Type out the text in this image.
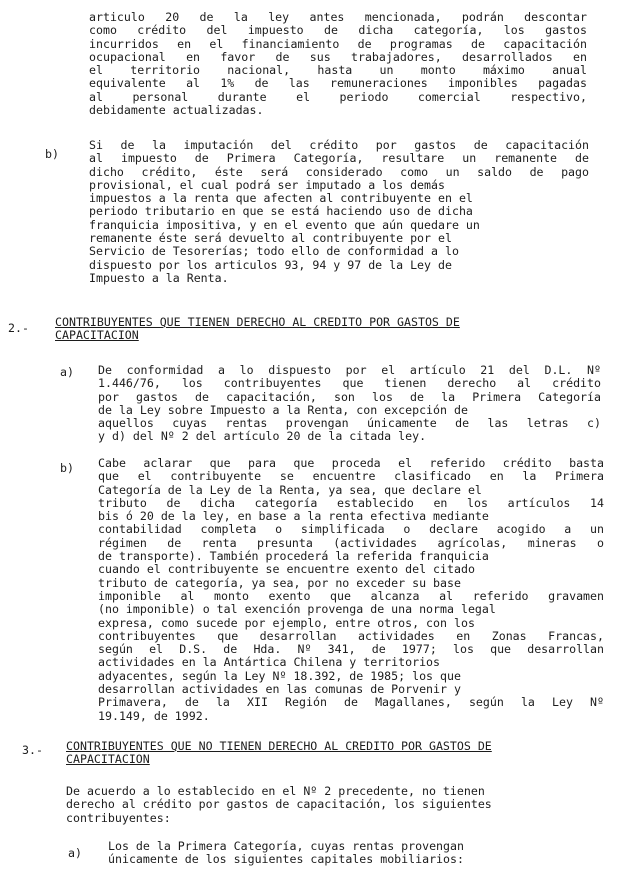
articulo 20 de la ley antes mencionada, podrán descontar
como crédito del impuesto de dicha categoría, los gastos
incurridos en el financiamiento de programas de capacitación
ocupacional en favor de sus trabajadores, desarrollados en
el territorio nacional, hasta un monto máximo anual
equivalente al 1% de las remuneraciones imponibles pagadas
al personal durante el periodo comercial respectivo,
debidamente actualizadas.
b)
Si de la imputación del crédito por gastos de capacitación
al impuesto de Primera Categoría, resultare un remanente de
dicho crédito, éste será considerado como un saldo de pago
provisional, el cual podrá ser imputado a los demás
impuestos a la renta que afecten al contribuyente en el
periodo tributario en que se está haciendo uso de dicha
franquicia impositiva, y en el evento que aún quedare un
remanente éste será devuelto al contribuyente por el
Servicio de Tesorerías; todo ello de conformidad a lo
dispuesto por los articulos 93, 94 y 97 de la Ley de
Impuesto a la Renta.
2.- CONTRIBUYENTES QUE TIENEN DERECHO AL CREDITO POR GASTOS DE
CAPACITACION
a) De conformidad a lo dispuesto por el artículo 21 del D.L. Nº
1.446/76, los contribuyentes que tienen derecho al crédito
por gastos de capacitación, son los de la Primera Categoría
de la Ley sobre Impuesto a la Renta, con excepción de
aquellos cuyas rentas provengan únicamente de las letras c)
y d) del Nº 2 del artículo 20 de la citada ley.
b) Cabe aclarar que para que proceda el referido crédito basta
que el contribuyente se encuentre clasificado en la Primera
Categoría de la Ley de la Renta, ya sea, que declare el
tributo de dicha categoría establecido en los artículos 14
bis ó 20 de la ley, en base a la renta efectiva mediante
contabilidad completa o simplificada o declare acogido a un
régimen de renta presunta (actividades agrícolas, mineras o
de transporte). También procederá la referida franquicia
cuando el contribuyente se encuentre exento del citado
tributo de categoría, ya sea, por no exceder su base
imponible al monto exento que alcanza al referido gravamen
(no imponible) o tal exención provenga de una norma legal
expresa, como sucede por ejemplo, entre otros, con los
contribuyentes que desarrollan actividades en Zonas Francas,
según el D.S. de Hda. Nº 341, de 1977; los que desarrollan
actividades en la Antártica Chilena y territorios
adyacentes, según la Ley Nº 18.392, de 1985; los que
desarrollan actividades en las comunas de Porvenir y
Primavera, de la XII Región de Magallanes, según la Ley Nº
19.149, de 1992.
3.- CONTRIBUYENTES QUE NO TIENEN DERECHO AL CREDITO POR GASTOS DE
CAPACITACION
De acuerdo a lo establecido en el Nº 2 precedente, no tienen
derecho al crédito por gastos de capacitación, los siguientes
contribuyentes:
a) Los de la Primera Categoría, cuyas rentas provengan
únicamente de los siguientes capitales mobiliarios:
